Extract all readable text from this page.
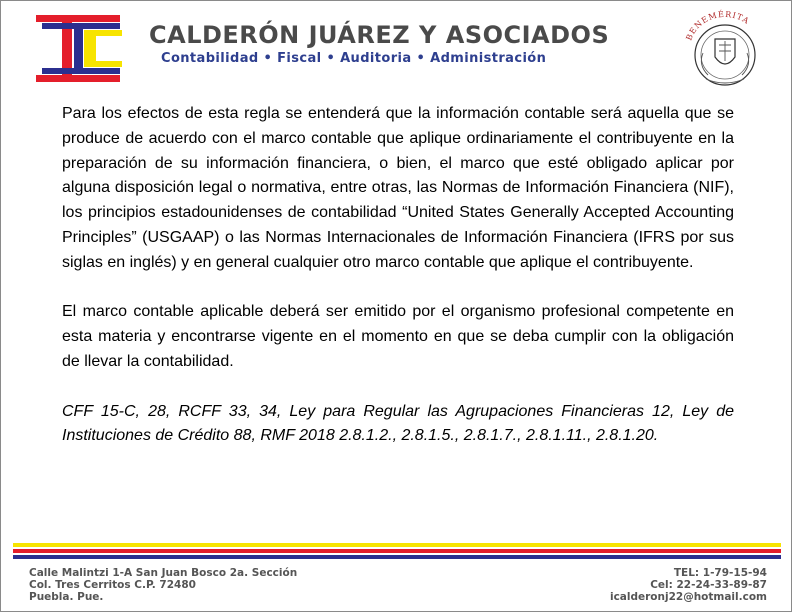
CALDERÓN JUÁREZ Y ASOCIADOS
Contabilidad • Fiscal • Auditoria • Administración
BENEMÉRITA

Para los efectos de esta regla se entenderá que la información contable será aquella que se produce de acuerdo con el marco contable que aplique ordinariamente el contribuyente en la preparación de su información financiera, o bien, el marco que esté obligado aplicar por alguna disposición legal o normativa, entre otras, las Normas de Información Financiera (NIF), los principios estadounidenses de contabilidad “United States Generally Accepted Accounting Principles” (USGAAP) o las Normas Internacionales de Información Financiera (IFRS por sus siglas en inglés) y en general cualquier otro marco contable que aplique el contribuyente.

El marco contable aplicable deberá ser emitido por el organismo profesional competente en esta materia y encontrarse vigente en el momento en que se deba cumplir con la obligación de llevar la contabilidad.

CFF 15-C, 28, RCFF 33, 34, Ley para Regular las Agrupaciones Financieras 12, Ley de Instituciones de Crédito 88, RMF 2018 2.8.1.2., 2.8.1.5., 2.8.1.7., 2.8.1.11., 2.8.1.20.

Calle Malintzi 1-A San Juan Bosco 2a. Sección
Col. Tres Cerritos C.P. 72480
Puebla. Pue.
TEL: 1-79-15-94
Cel: 22-24-33-89-87
icalderonj22@hotmail.com
